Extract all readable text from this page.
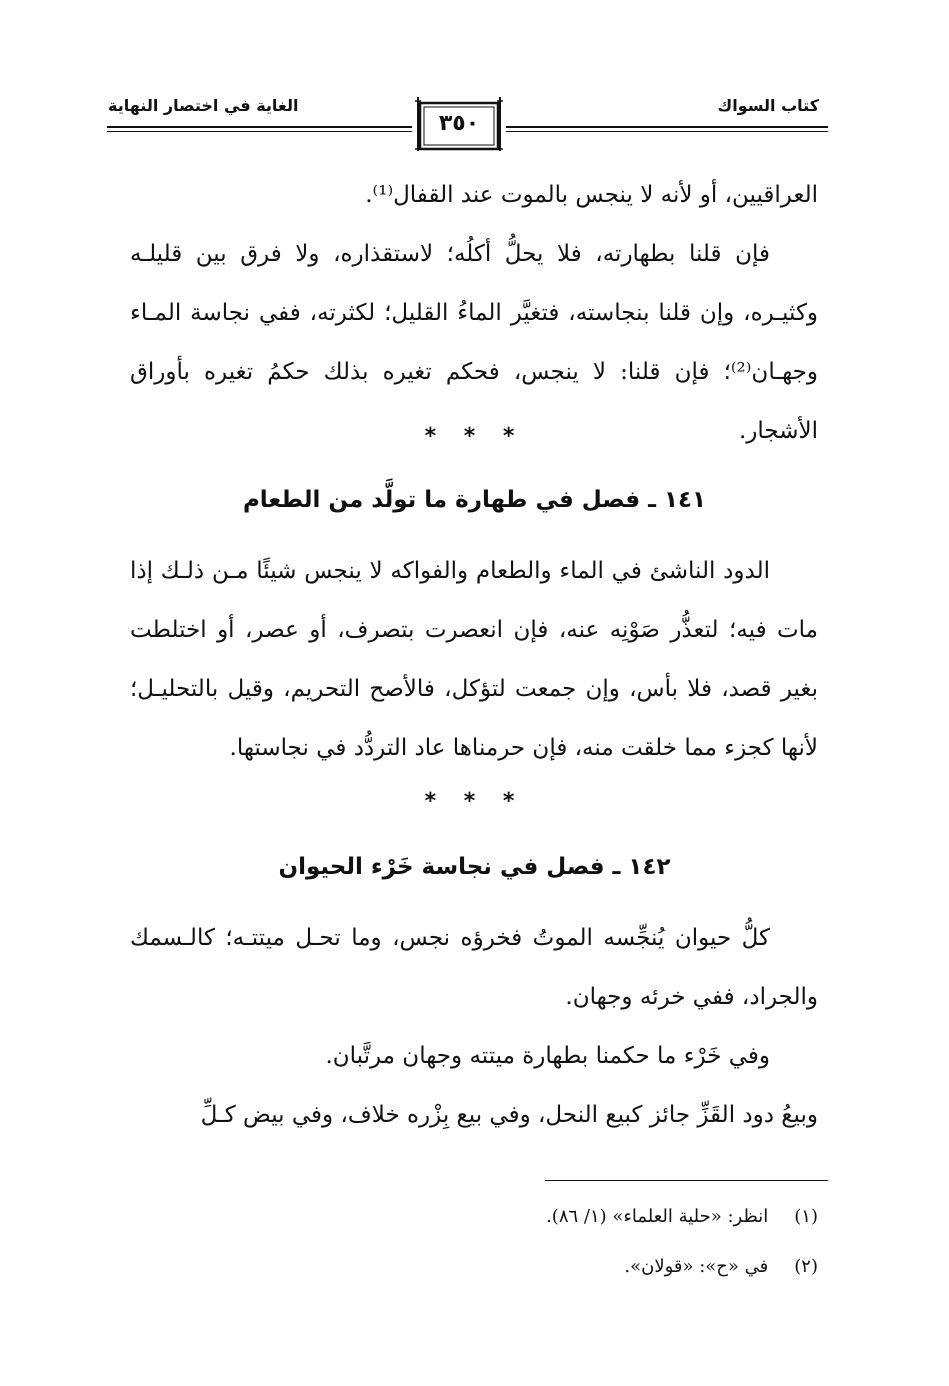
كتاب السواك
الغاية في اختصار النهاية
٣٥٠

العراقيين، أو لأنه لا ينجس بالموت عند القفال⁽¹⁾.

فإن قلنا بطهارته، فلا يحلُّ أكلُه؛ لاستقذاره، ولا فرق بين قليلـه وكثيـره، وإن قلنا بنجاسته، فتغيَّر الماءُ القليل؛ لكثرته، ففي نجاسة المـاء وجهـان⁽²⁾؛ فإن قلنا: لا ينجس، فحكم تغيره بذلك حكمُ تغيره بأوراق الأشجار.

* * *
١٤١ ـ فصل في طهارة ما تولَّد من الطعام

الدود الناشئ في الماء والطعام والفواكه لا ينجس شيئًا مـن ذلـك إذا مات فيه؛ لتعذُّر صَوْنِه عنه، فإن انعصرت بتصرف، أو عصر، أو اختلطت بغير قصد، فلا بأس، وإن جمعت لتؤكل، فالأصح التحريم، وقيل بالتحليـل؛ لأنها كجزء مما خلقت منه، فإن حرمناها عاد التردُّد في نجاستها.

* * *
١٤٢ ـ فصل في نجاسة خَرْء الحيوان

كلُّ حيوان يُنجِّسه الموتُ فخرؤه نجس، وما تحـل ميتتـه؛ كالـسمك والجراد، ففي خرئه وجهان.

وفي خَرْء ما حكمنا بطهارة ميتته وجهان مرتَّبان.

وبيعُ دود القَزِّ جائز كبيع النحل، وفي بيع بِزْره خلاف، وفي بيض كـلِّ

(١) انظر: «حلية العلماء» (١/ ٨٦).
(٢) في «ح»: «قولان».
